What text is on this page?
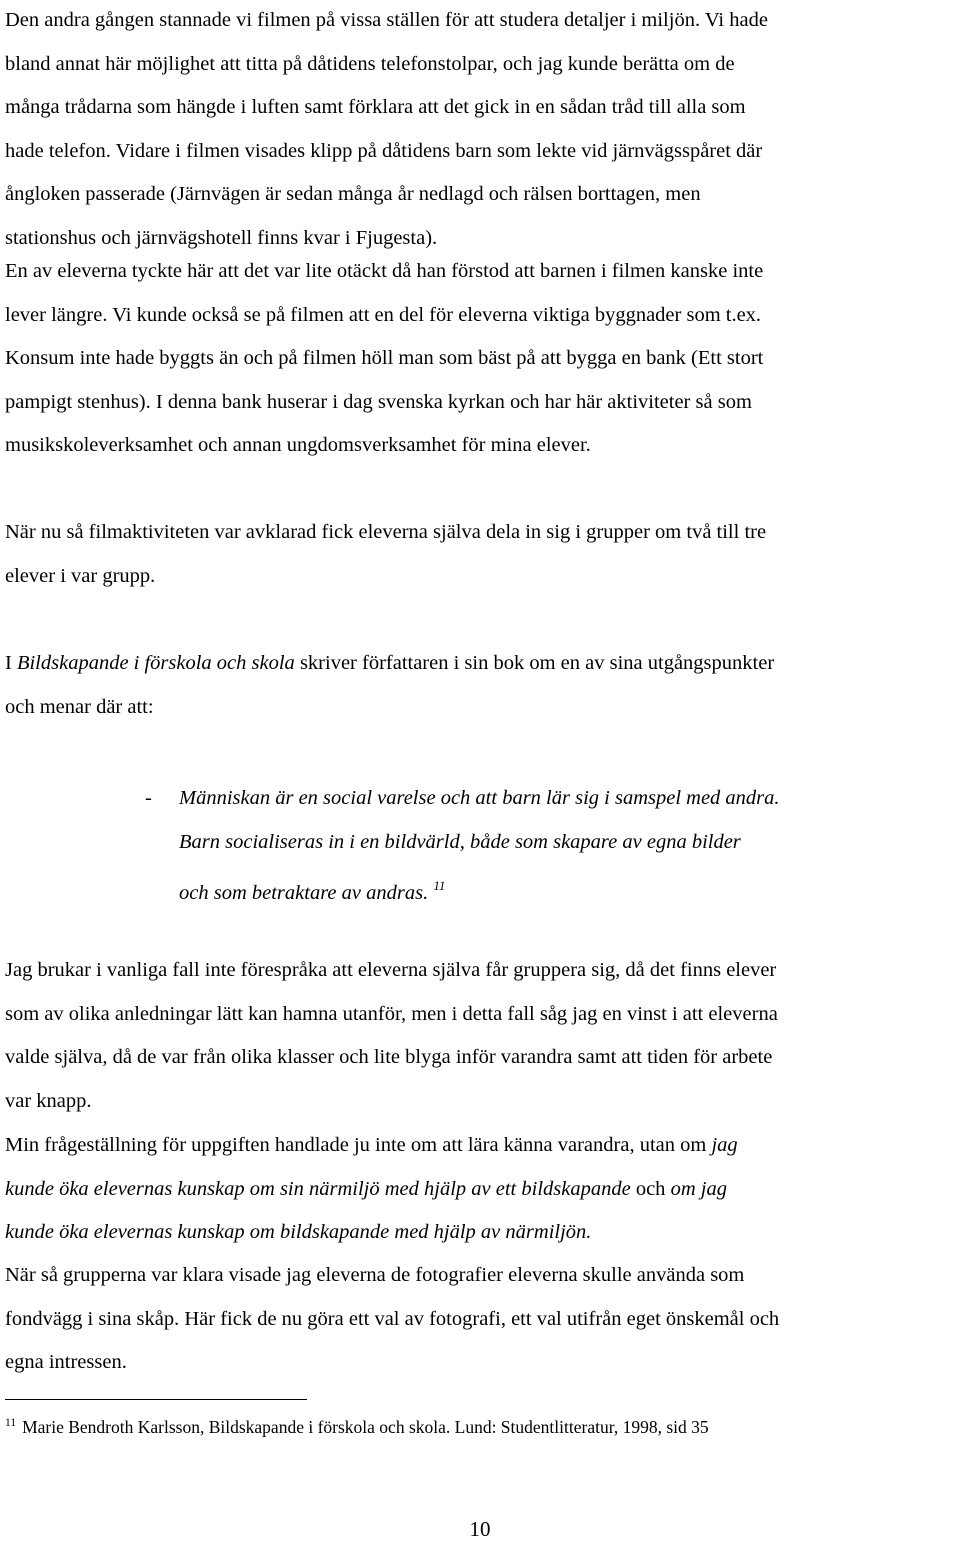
Den andra gången stannade vi filmen på vissa ställen för att studera detaljer i miljön. Vi hade
bland annat här möjlighet att titta på dåtidens telefonstolpar, och jag kunde berätta om de
många trådarna som hängde i luften samt förklara att det gick in en sådan tråd till alla som
hade telefon. Vidare i filmen visades klipp på dåtidens barn som lekte vid järnvägsspåret där
ångloken passerade (Järnvägen är sedan många år nedlagd och rälsen borttagen, men
stationshus och järnvägshotell finns kvar i Fjugesta).

En av eleverna tyckte här att det var lite otäckt då han förstod att barnen i filmen kanske inte
lever längre. Vi kunde också se på filmen att en del för eleverna viktiga byggnader som t.ex.
Konsum inte hade byggts än och på filmen höll man som bäst på att bygga en bank (Ett stort
pampigt stenhus). I denna bank huserar i dag svenska kyrkan och har här aktiviteter så som
musikskoleverksamhet och annan ungdomsverksamhet för mina elever.

När nu så filmaktiviteten var avklarad fick eleverna själva dela in sig i grupper om två till tre
elever i var grupp.

I Bildskapande i förskola och skola skriver författaren i sin bok om en av sina utgångspunkter
och menar där att:

- Människan är en social varelse och att barn lär sig i samspel med andra.
Barn socialiseras in i en bildvärld, både som skapare av egna bilder
och som betraktare av andras. $^{11}$

Jag brukar i vanliga fall inte förespråka att eleverna själva får gruppera sig, då det finns elever
som av olika anledningar lätt kan hamna utanför, men i detta fall såg jag en vinst i att eleverna
valde själva, då de var från olika klasser och lite blyga inför varandra samt att tiden för arbete
var knapp.

Min frågeställning för uppgiften handlade ju inte om att lära känna varandra, utan om jag
kunde öka elevernas kunskap om sin närmiljö med hjälp av ett bildskapande och om jag
kunde öka elevernas kunskap om bildskapande med hjälp av närmiljön.

När så grupperna var klara visade jag eleverna de fotografier eleverna skulle använda som
fondvägg i sina skåp. Här fick de nu göra ett val av fotografi, ett val utifrån eget önskemål och
egna intressen.

$^{11}$ Marie Bendroth Karlsson, Bildskapande i förskola och skola. Lund: Studentlitteratur, 1998, sid 35
10
